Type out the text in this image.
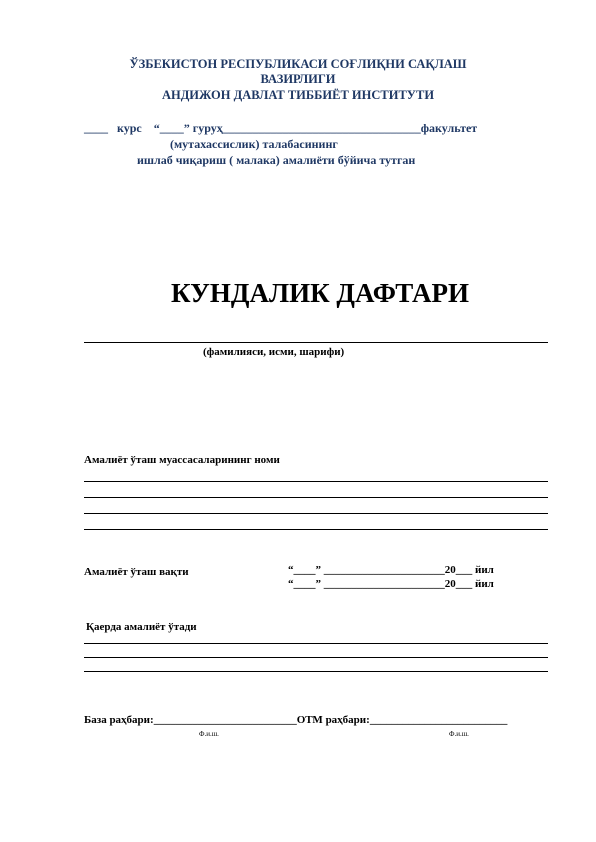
ЎЗБЕКИСТОН РЕСПУБЛИКАСИ СОҒЛИҚНИ САҚЛАШ
ВАЗИРЛИГИ
АНДИЖОН ДАВЛАТ ТИББИЁТ ИНСТИТУТИ
____ курс “____” гуруҳ_________________________________факультет
(мутахассислик) талабасининг
ишлаб чиқариш ( малака) амалиёти бўйича тутган
КУНДАЛИК ДАФТАРИ
(фамилияси, исми, шарифи)
Амалиёт ўташ муассасаларининг номи
Амалиёт ўташ вақти	“____” ______________________20___ йил
“____” ______________________20___ йил
Қаерда амалиёт ўтади
База раҳбари:__________________________ОТМ раҳбари:_________________________
Ф.и.ш.	Ф.и.ш.
